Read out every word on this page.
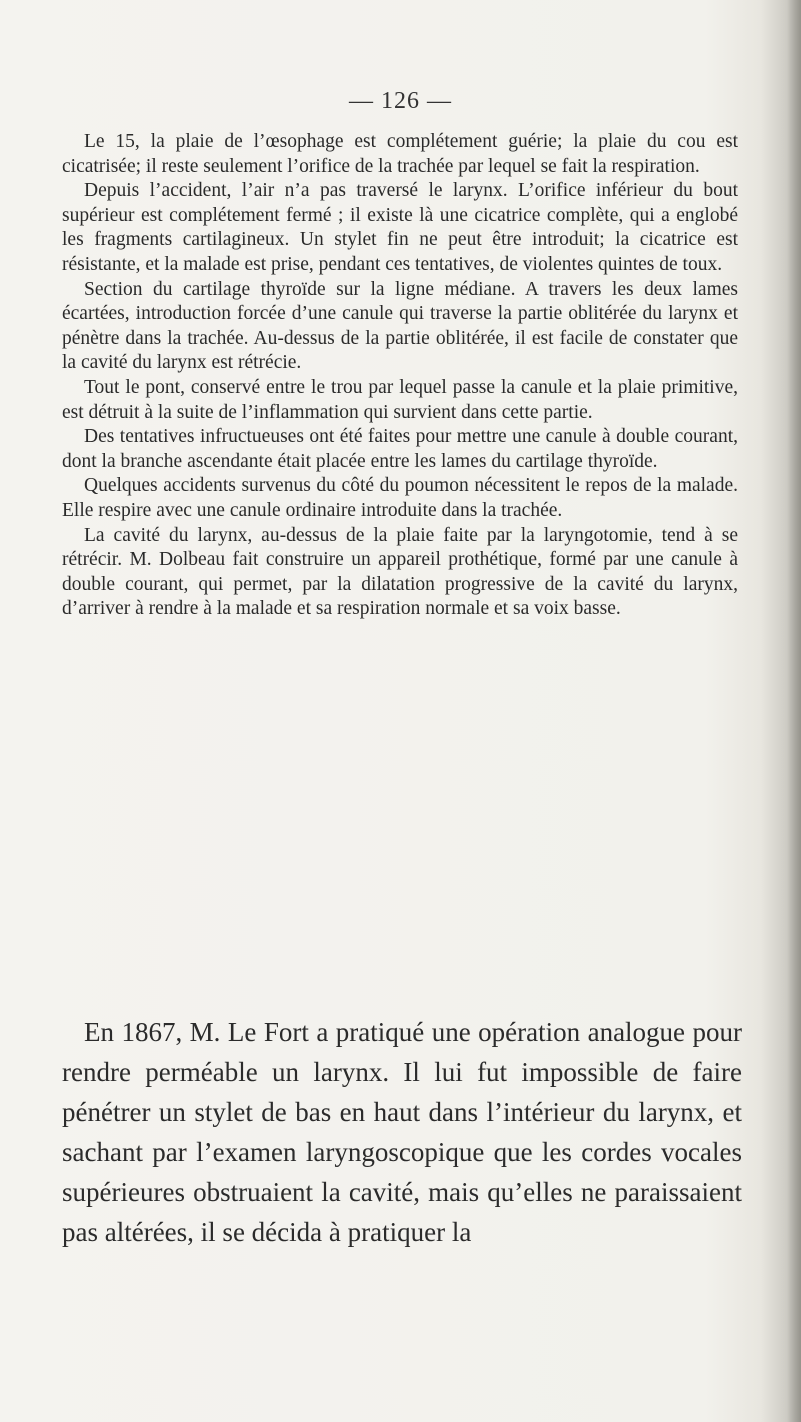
— 126 —

Le 15, la plaie de l’œsophage est complétement guérie; la plaie du cou est cicatrisée; il reste seulement l’orifice de la trachée par lequel se fait la respiration.

Depuis l’accident, l’air n’a pas traversé le larynx. L’orifice inférieur du bout supérieur est complétement fermé ; il existe là une cicatrice complète, qui a englobé les fragments cartilagineux. Un stylet fin ne peut être introduit; la cicatrice est résistante, et la malade est prise, pendant ces tentatives, de violentes quintes de toux.

Section du cartilage thyroïde sur la ligne médiane. A travers les deux lames écartées, introduction forcée d’une canule qui traverse la partie oblitérée du larynx et pénètre dans la trachée. Au-dessus de la partie oblitérée, il est facile de constater que la cavité du larynx est rétrécie.

Tout le pont, conservé entre le trou par lequel passe la canule et la plaie primitive, est détruit à la suite de l’inflammation qui survient dans cette partie.

Des tentatives infructueuses ont été faites pour mettre une canule à double courant, dont la branche ascendante était placée entre les lames du cartilage thyroïde.

Quelques accidents survenus du côté du poumon nécessitent le repos de la malade. Elle respire avec une canule ordinaire introduite dans la trachée.

La cavité du larynx, au-dessus de la plaie faite par la laryngotomie, tend à se rétrécir. M. Dolbeau fait construire un appareil prothétique, formé par une canule à double courant, qui permet, par la dilatation progressive de la cavité du larynx, d’arriver à rendre à la malade et sa respiration normale et sa voix basse.

En 1867, M. Le Fort a pratiqué une opération analogue pour rendre perméable un larynx. Il lui fut impossible de faire pénétrer un stylet de bas en haut dans l’intérieur du larynx, et sachant par l’examen laryngoscopique que les cordes vocales supérieures obstruaient la cavité, mais qu’elles ne paraissaient pas altérées, il se décida à pratiquer la
